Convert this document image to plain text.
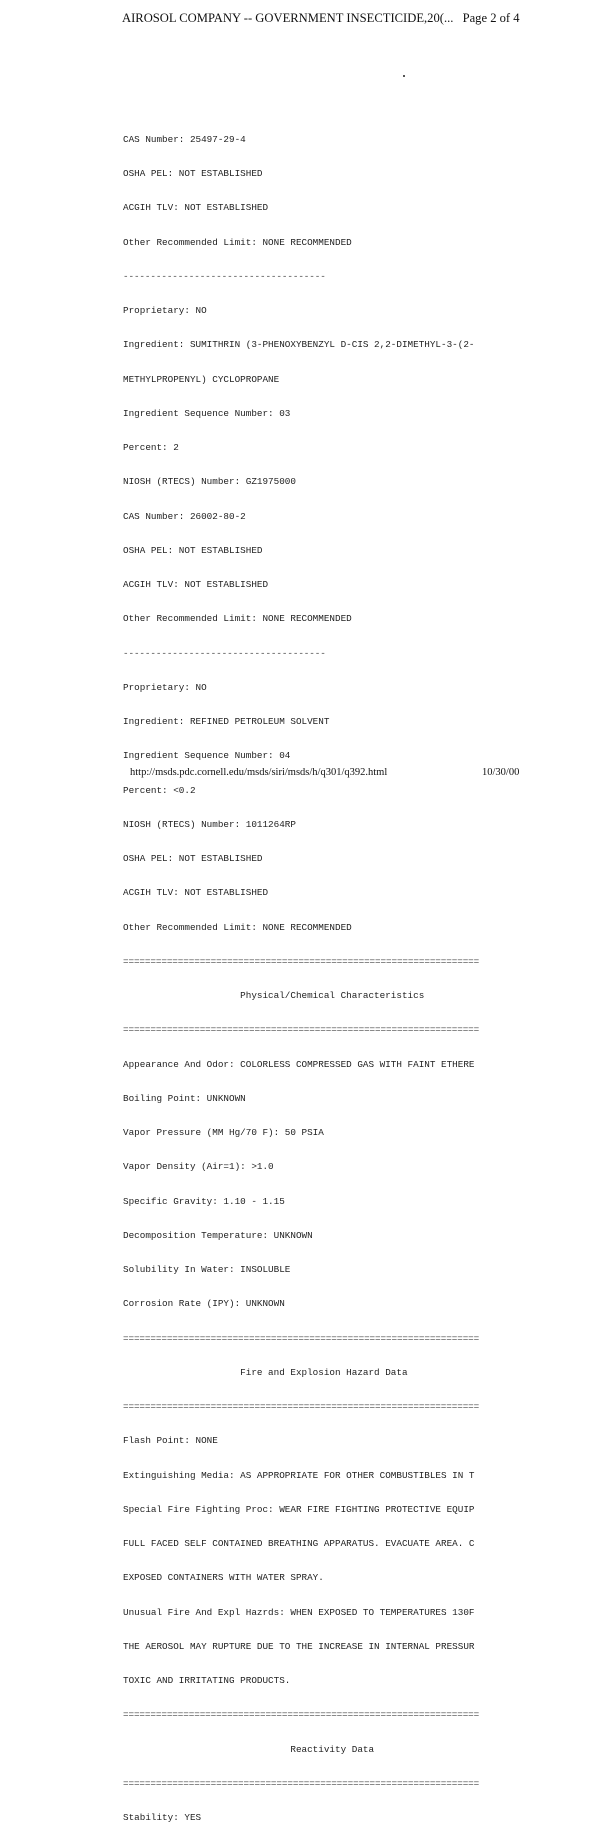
AIROSOL COMPANY -- GOVERNMENT INSECTICIDE,20(... Page 2 of 4

CAS Number: 25497-29-4

OSHA PEL: NOT ESTABLISHED

ACGIH TLV: NOT ESTABLISHED

Other Recommended Limit: NONE RECOMMENDED

-------------------------------------

Proprietary: NO

Ingredient: SUMITHRIN (3-PHENOXYBENZYL D-CIS 2,2-DIMETHYL-3-(2-

METHYLPROPENYL) CYCLOPROPANE

Ingredient Sequence Number: 03

Percent: 2

NIOSH (RTECS) Number: GZ1975000

CAS Number: 26002-80-2

OSHA PEL: NOT ESTABLISHED

ACGIH TLV: NOT ESTABLISHED

Other Recommended Limit: NONE RECOMMENDED

-------------------------------------

Proprietary: NO

Ingredient: REFINED PETROLEUM SOLVENT

Ingredient Sequence Number: 04

Percent: <0.2

NIOSH (RTECS) Number: 1011264RP

OSHA PEL: NOT ESTABLISHED

ACGIH TLV: NOT ESTABLISHED

Other Recommended Limit: NONE RECOMMENDED

=================================================================

Physical/Chemical Characteristics

=================================================================

Appearance And Odor: COLORLESS COMPRESSED GAS WITH FAINT ETHERE

Boiling Point: UNKNOWN

Vapor Pressure (MM Hg/70 F): 50 PSIA

Vapor Density (Air=1): >1.0

Specific Gravity: 1.10 - 1.15

Decomposition Temperature: UNKNOWN

Solubility In Water: INSOLUBLE

Corrosion Rate (IPY): UNKNOWN

=================================================================

Fire and Explosion Hazard Data

=================================================================

Flash Point: NONE

Extinguishing Media: AS APPROPRIATE FOR OTHER COMBUSTIBLES IN T

Special Fire Fighting Proc: WEAR FIRE FIGHTING PROTECTIVE EQUIP

FULL FACED SELF CONTAINED BREATHING APPARATUS. EVACUATE AREA. C

EXPOSED CONTAINERS WITH WATER SPRAY.

Unusual Fire And Expl Hazrds: WHEN EXPOSED TO TEMPERATURES 130F

THE AEROSOL MAY RUPTURE DUE TO THE INCREASE IN INTERNAL PRESSUR

TOXIC AND IRRITATING PRODUCTS.

=================================================================

Reactivity Data

=================================================================

Stability: YES

http://msds.pdc.cornell.edu/msds/siri/msds/h/q301/q392.html	10/30/00
